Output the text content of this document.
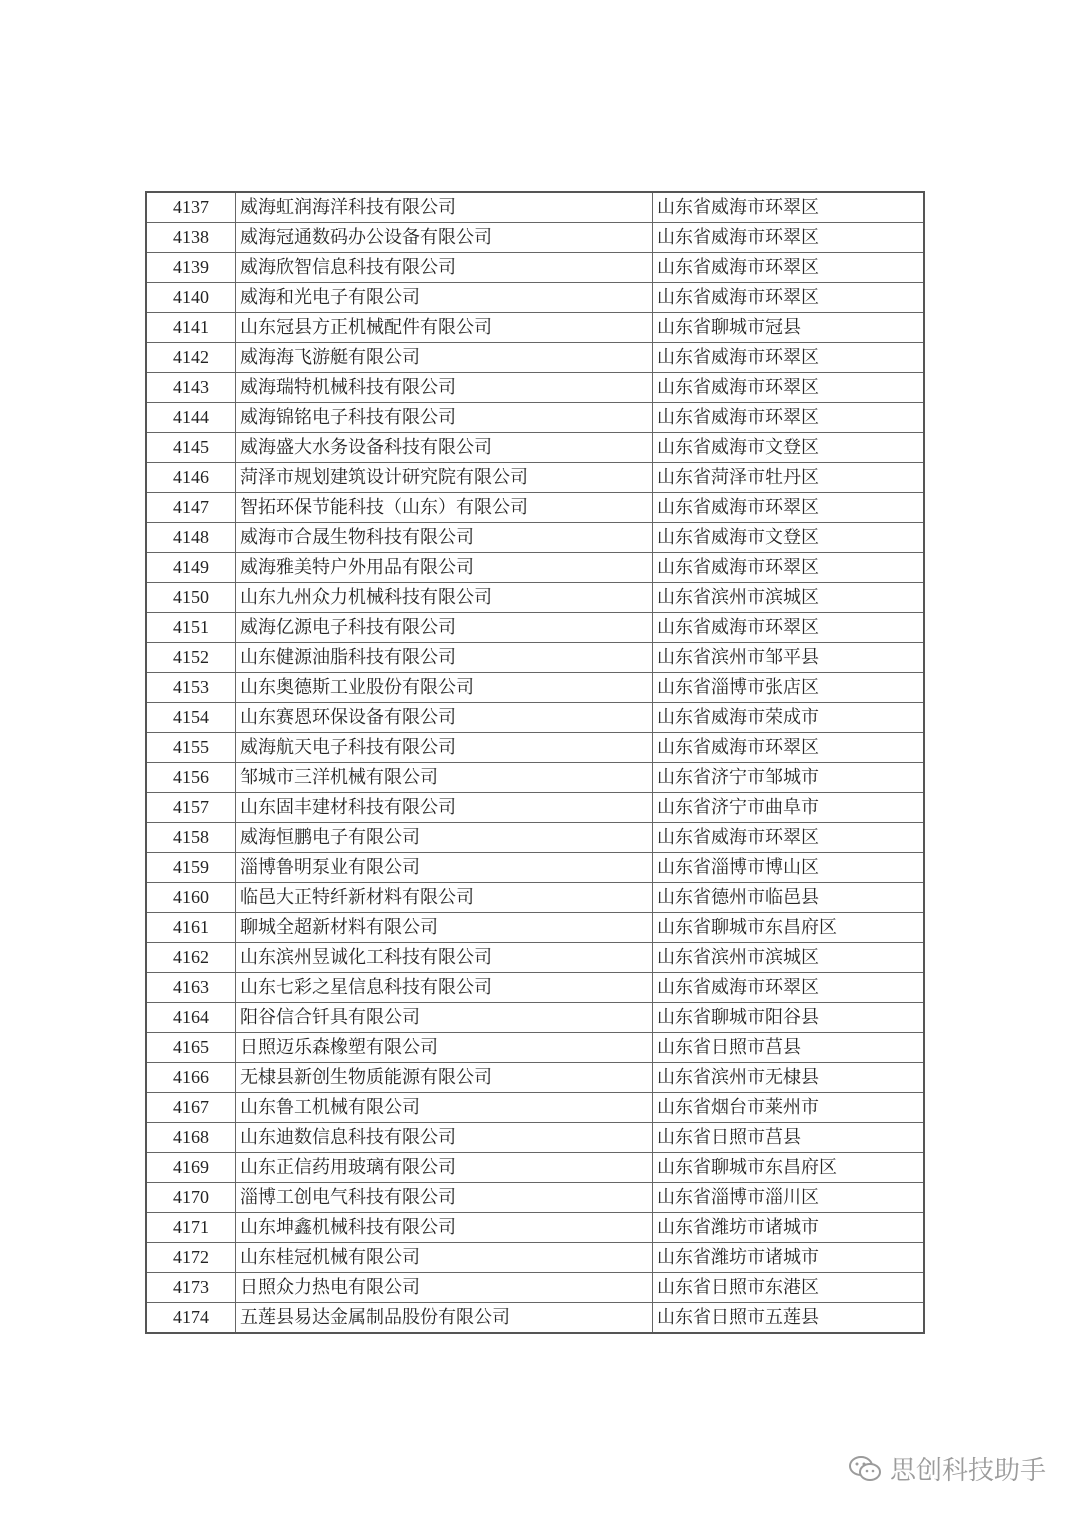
4137	威海虹润海洋科技有限公司	山东省威海市环翠区
4138	威海冠通数码办公设备有限公司	山东省威海市环翠区
4139	威海欣智信息科技有限公司	山东省威海市环翠区
4140	威海和光电子有限公司	山东省威海市环翠区
4141	山东冠县方正机械配件有限公司	山东省聊城市冠县
4142	威海海飞游艇有限公司	山东省威海市环翠区
4143	威海瑞特机械科技有限公司	山东省威海市环翠区
4144	威海锦铭电子科技有限公司	山东省威海市环翠区
4145	威海盛大水务设备科技有限公司	山东省威海市文登区
4146	菏泽市规划建筑设计研究院有限公司	山东省菏泽市牡丹区
4147	智拓环保节能科技（山东）有限公司	山东省威海市环翠区
4148	威海市合晟生物科技有限公司	山东省威海市文登区
4149	威海雅美特户外用品有限公司	山东省威海市环翠区
4150	山东九州众力机械科技有限公司	山东省滨州市滨城区
4151	威海亿源电子科技有限公司	山东省威海市环翠区
4152	山东健源油脂科技有限公司	山东省滨州市邹平县
4153	山东奥德斯工业股份有限公司	山东省淄博市张店区
4154	山东赛恩环保设备有限公司	山东省威海市荣成市
4155	威海航天电子科技有限公司	山东省威海市环翠区
4156	邹城市三洋机械有限公司	山东省济宁市邹城市
4157	山东固丰建材科技有限公司	山东省济宁市曲阜市
4158	威海恒鹏电子有限公司	山东省威海市环翠区
4159	淄博鲁明泵业有限公司	山东省淄博市博山区
4160	临邑大正特纤新材料有限公司	山东省德州市临邑县
4161	聊城全超新材料有限公司	山东省聊城市东昌府区
4162	山东滨州昱诚化工科技有限公司	山东省滨州市滨城区
4163	山东七彩之星信息科技有限公司	山东省威海市环翠区
4164	阳谷信合钎具有限公司	山东省聊城市阳谷县
4165	日照迈乐森橡塑有限公司	山东省日照市莒县
4166	无棣县新创生物质能源有限公司	山东省滨州市无棣县
4167	山东鲁工机械有限公司	山东省烟台市莱州市
4168	山东迪数信息科技有限公司	山东省日照市莒县
4169	山东正信药用玻璃有限公司	山东省聊城市东昌府区
4170	淄博工创电气科技有限公司	山东省淄博市淄川区
4171	山东坤鑫机械科技有限公司	山东省潍坊市诸城市
4172	山东桂冠机械有限公司	山东省潍坊市诸城市
4173	日照众力热电有限公司	山东省日照市东港区
4174	五莲县易达金属制品股份有限公司	山东省日照市五莲县
思创科技助手
